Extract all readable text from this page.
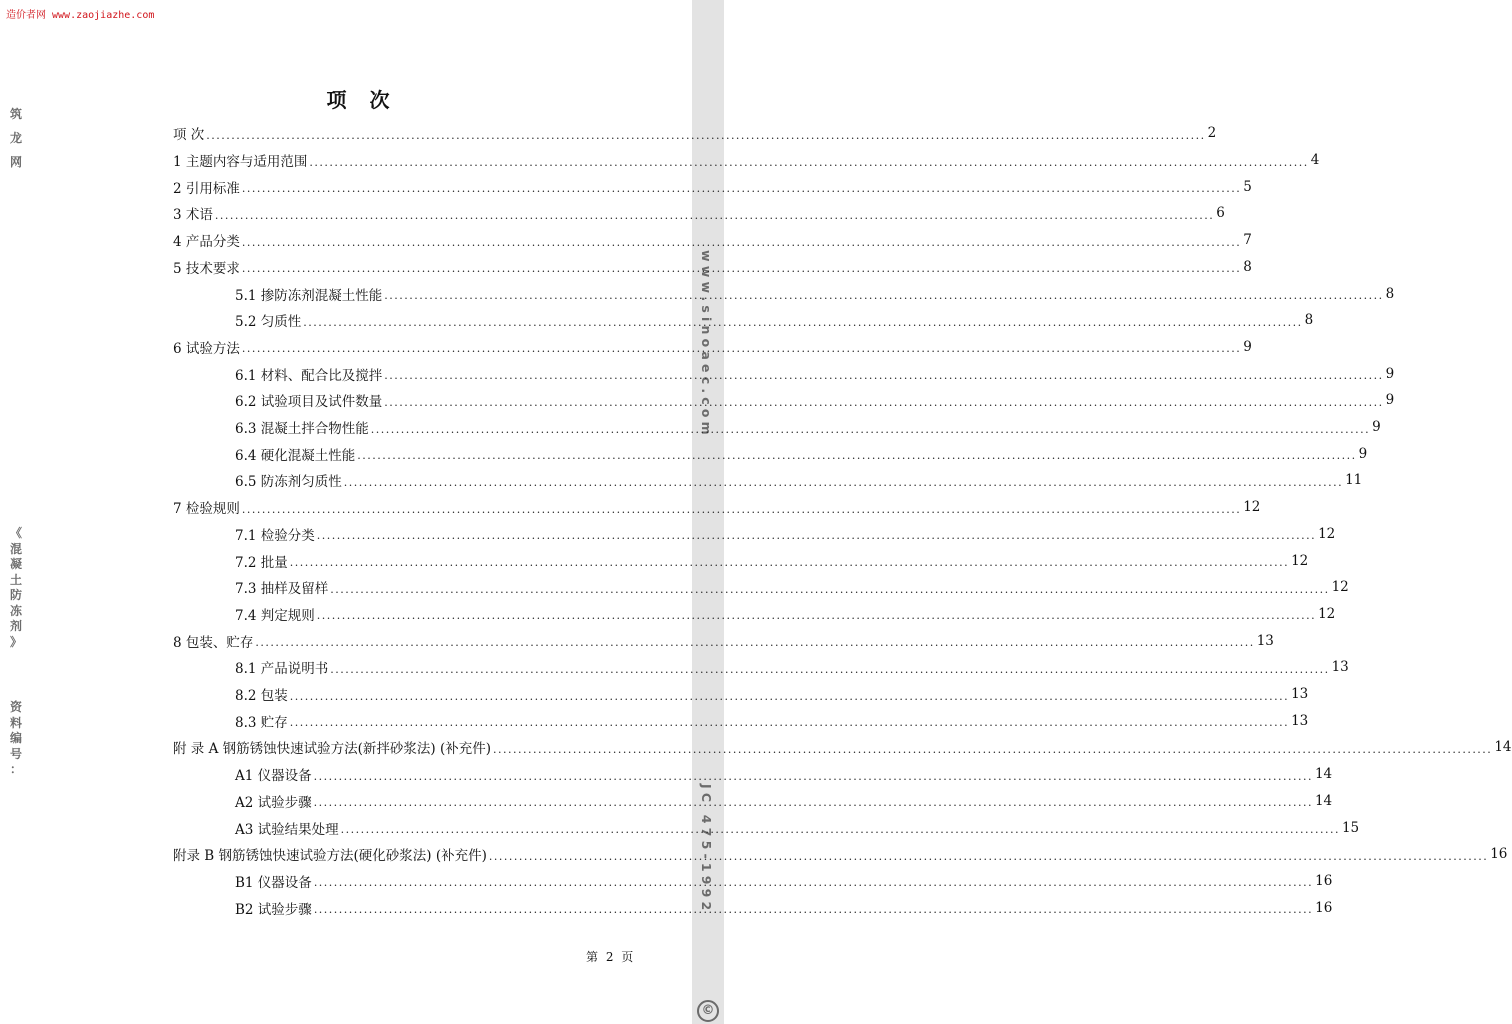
造价者网 www.zaojiazhe.com
筑
龙
网
www.sinoaec.com
《
混
凝
土
防
冻
剂
》
资
料
编
号
：
JC 475-1992
©
项 次
项 次 ........................................................................................................................................................................................................ 2
1 主题内容与适用范围 ........................................................................................................................................................................................................ 4
2 引用标准 ........................................................................................................................................................................................................ 5
3 术语 ........................................................................................................................................................................................................ 6
4 产品分类 ........................................................................................................................................................................................................ 7
5 技术要求 ........................................................................................................................................................................................................ 8
5.1 掺防冻剂混凝土性能 ........................................................................................................................................................................................................ 8
5.2 匀质性 ........................................................................................................................................................................................................ 8
6 试验方法 ........................................................................................................................................................................................................ 9
6.1 材料、配合比及搅拌 ........................................................................................................................................................................................................ 9
6.2 试验项目及试件数量 ........................................................................................................................................................................................................ 9
6.3 混凝土拌合物性能 ........................................................................................................................................................................................................ 9
6.4 硬化混凝土性能 ........................................................................................................................................................................................................ 9
6.5 防冻剂匀质性 ........................................................................................................................................................................................................ 11
7 检验规则 ........................................................................................................................................................................................................ 12
7.1 检验分类 ........................................................................................................................................................................................................ 12
7.2 批量 ........................................................................................................................................................................................................ 12
7.3 抽样及留样 ........................................................................................................................................................................................................ 12
7.4 判定规则 ........................................................................................................................................................................................................ 12
8 包装、贮存 ........................................................................................................................................................................................................ 13
8.1 产品说明书 ........................................................................................................................................................................................................ 13
8.2 包装 ........................................................................................................................................................................................................ 13
8.3 贮存 ........................................................................................................................................................................................................ 13
附 录 A 钢筋锈蚀快速试验方法(新拌砂浆法) (补充件) ........................................................................................................................................................................................................ 14
A1 仪器设备 ........................................................................................................................................................................................................ 14
A2 试验步骤 ........................................................................................................................................................................................................ 14
A3 试验结果处理 ........................................................................................................................................................................................................ 15
附录 B 钢筋锈蚀快速试验方法(硬化砂浆法) (补充件) ........................................................................................................................................................................................................ 16
B1 仪器设备 ........................................................................................................................................................................................................ 16
B2 试验步骤 ........................................................................................................................................................................................................ 16
第 2 页
